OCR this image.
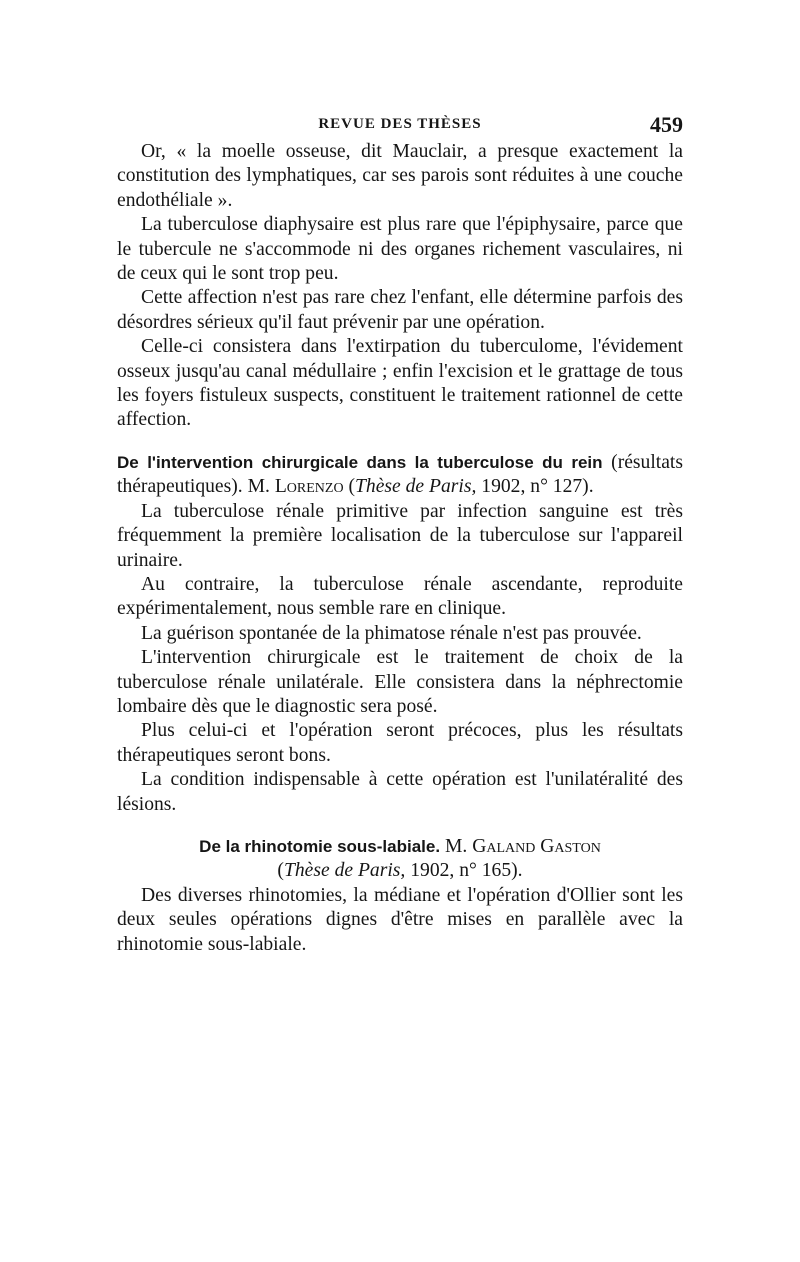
REVUE DES THÈSES	459

Or, « la moelle osseuse, dit Mauclair, a presque exactement la constitution des lymphatiques, car ses parois sont réduites à une couche endothéliale ».

La tuberculose diaphysaire est plus rare que l'épiphysaire, parce que le tubercule ne s'accommode ni des organes richement vasculaires, ni de ceux qui le sont trop peu.

Cette affection n'est pas rare chez l'enfant, elle détermine parfois des désordres sérieux qu'il faut prévenir par une opération.

Celle-ci consistera dans l'extirpation du tuberculome, l'évidement osseux jusqu'au canal médullaire ; enfin l'excision et le grattage de tous les foyers fistuleux suspects, constituent le traitement rationnel de cette affection.

De l'intervention chirurgicale dans la tuberculose du rein (résultats thérapeutiques). M. Lorenzo (Thèse de Paris, 1902, n° 127).

La tuberculose rénale primitive par infection sanguine est très fréquemment la première localisation de la tuberculose sur l'appareil urinaire.

Au contraire, la tuberculose rénale ascendante, reproduite expérimentalement, nous semble rare en clinique.

La guérison spontanée de la phimatose rénale n'est pas prouvée.

L'intervention chirurgicale est le traitement de choix de la tuberculose rénale unilatérale. Elle consistera dans la néphrectomie lombaire dès que le diagnostic sera posé.

Plus celui-ci et l'opération seront précoces, plus les résultats thérapeutiques seront bons.

La condition indispensable à cette opération est l'unilatéralité des lésions.

De la rhinotomie sous-labiale. M. Galand Gaston
(Thèse de Paris, 1902, n° 165).

Des diverses rhinotomies, la médiane et l'opération d'Ollier sont les deux seules opérations dignes d'être mises en parallèle avec la rhinotomie sous-labiale.
